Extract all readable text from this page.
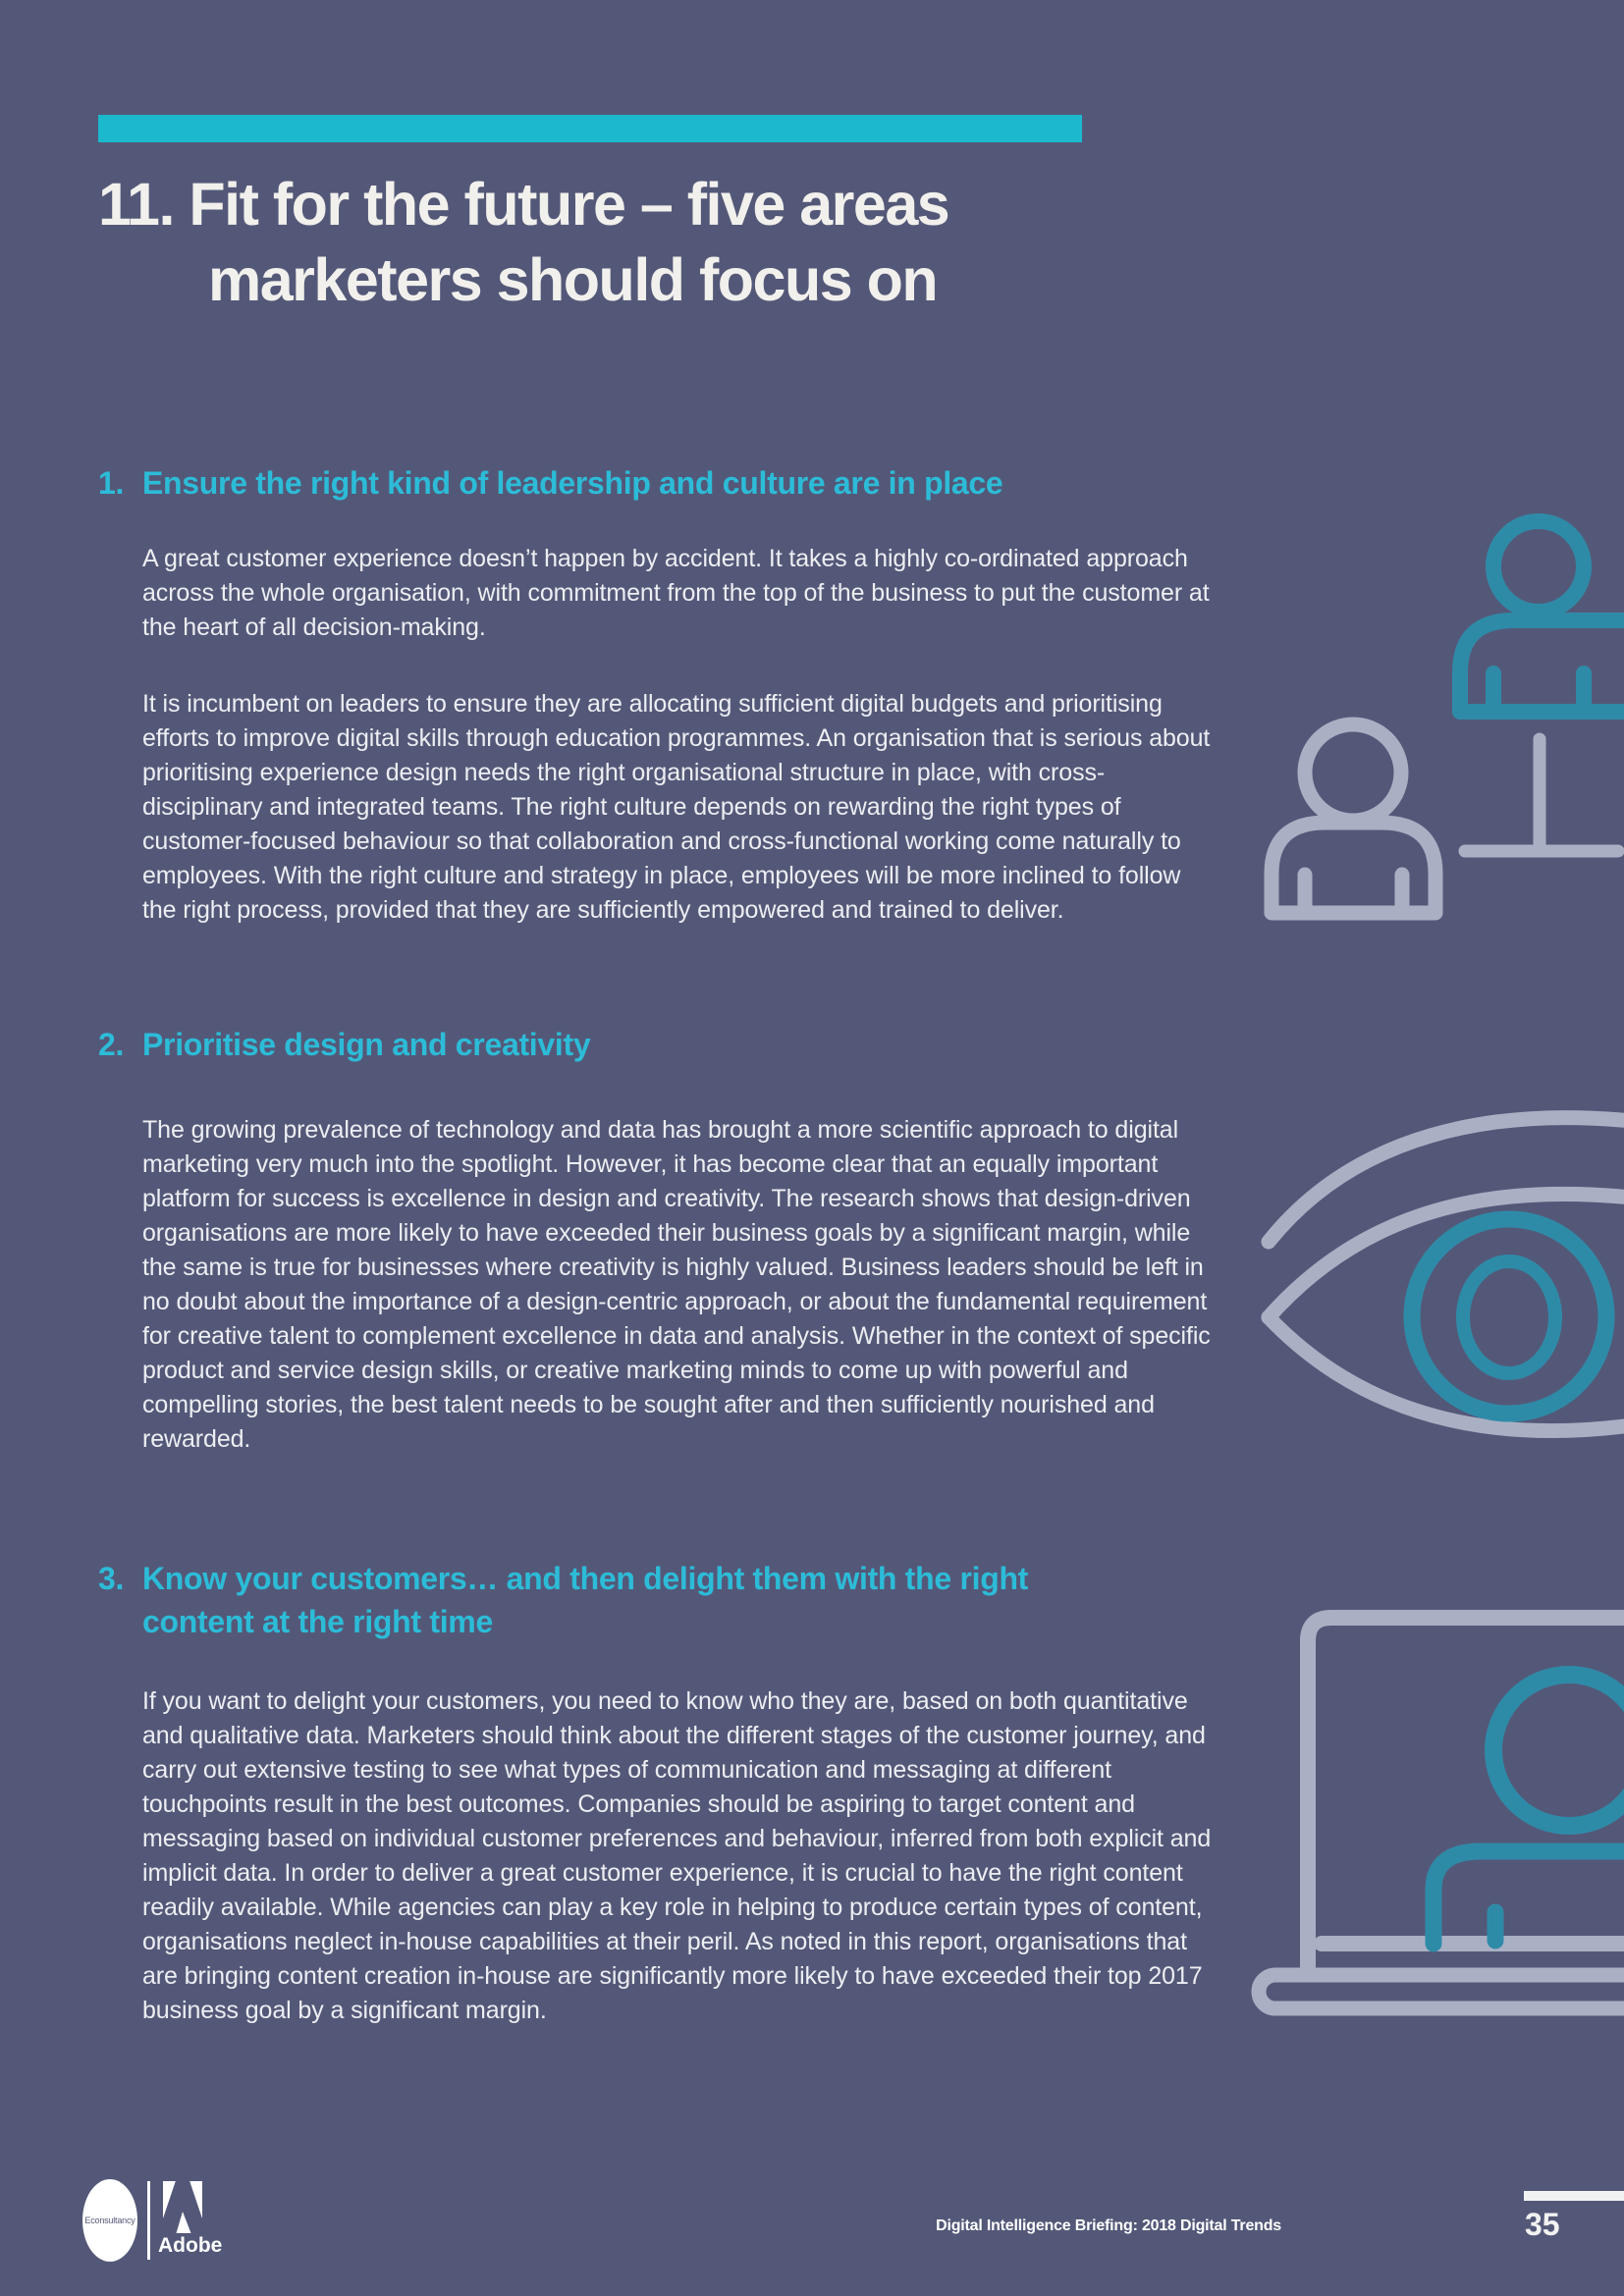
11. Fit for the future – five areas
marketers should focus on
1. Ensure the right kind of leadership and culture are in place
A great customer experience doesn’t happen by accident. It takes a highly co-ordinated approach across the whole organisation, with commitment from the top of the business to put the customer at the heart of all decision-making.
It is incumbent on leaders to ensure they are allocating sufficient digital budgets and prioritising efforts to improve digital skills through education programmes. An organisation that is serious about prioritising experience design needs the right organisational structure in place, with cross-disciplinary and integrated teams. The right culture depends on rewarding the right types of customer-focused behaviour so that collaboration and cross-functional working come naturally to employees. With the right culture and strategy in place, employees will be more inclined to follow the right process, provided that they are sufficiently empowered and trained to deliver.
2. Prioritise design and creativity
The growing prevalence of technology and data has brought a more scientific approach to digital marketing very much into the spotlight. However, it has become clear that an equally important platform for success is excellence in design and creativity. The research shows that design-driven organisations are more likely to have exceeded their business goals by a significant margin, while the same is true for businesses where creativity is highly valued. Business leaders should be left in no doubt about the importance of a design-centric approach, or about the fundamental requirement for creative talent to complement excellence in data and analysis. Whether in the context of specific product and service design skills, or creative marketing minds to come up with powerful and compelling stories, the best talent needs to be sought after and then sufficiently nourished and rewarded.
3. Know your customers… and then delight them with the right
content at the right time
If you want to delight your customers, you need to know who they are, based on both quantitative and qualitative data. Marketers should think about the different stages of the customer journey, and carry out extensive testing to see what types of communication and messaging at different touchpoints result in the best outcomes. Companies should be aspiring to target content and messaging based on individual customer preferences and behaviour, inferred from both explicit and implicit data. In order to deliver a great customer experience, it is crucial to have the right content readily available. While agencies can play a key role in helping to produce certain types of content, organisations neglect in-house capabilities at their peril. As noted in this report, organisations that are bringing content creation in-house are significantly more likely to have exceeded their top 2017 business goal by a significant margin.
Econsultancy
Adobe
Digital Intelligence Briefing: 2018 Digital Trends	35
